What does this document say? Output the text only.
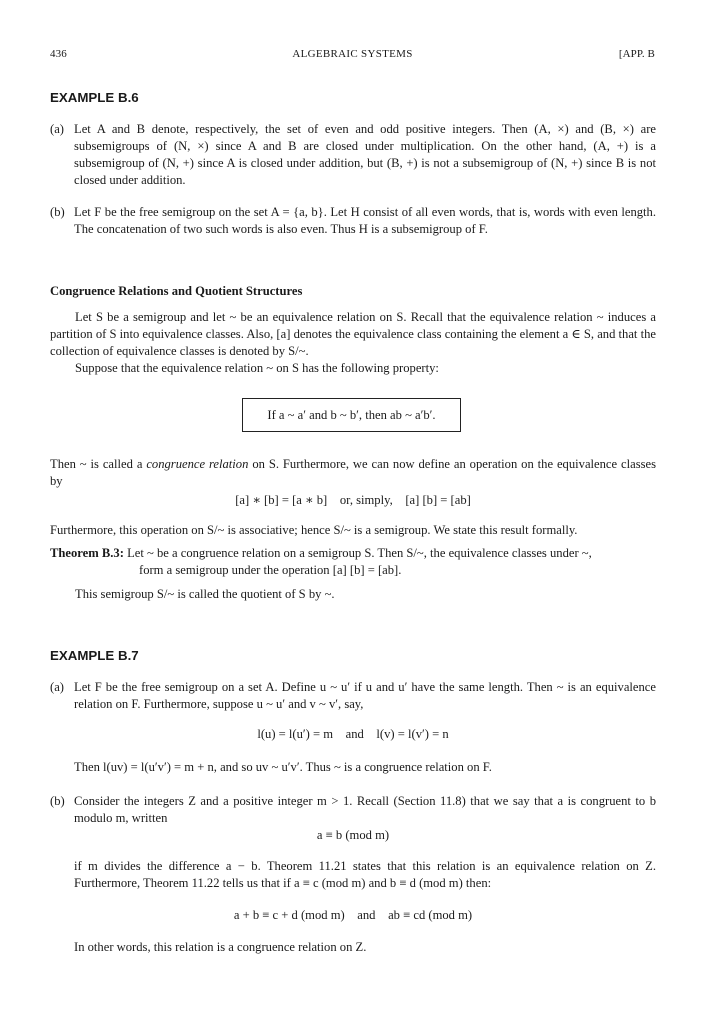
436	ALGEBRAIC SYSTEMS	[APP. B
EXAMPLE B.6
(a) Let A and B denote, respectively, the set of even and odd positive integers. Then (A, ×) and (B, ×) are subsemigroups of (N, ×) since A and B are closed under multiplication. On the other hand, (A, +) is a subsemigroup of (N, +) since A is closed under addition, but (B, +) is not a subsemigroup of (N, +) since B is not closed under addition.
(b) Let F be the free semigroup on the set A = {a, b}. Let H consist of all even words, that is, words with even length. The concatenation of two such words is also even. Thus H is a subsemigroup of F.
Congruence Relations and Quotient Structures
Let S be a semigroup and let ~ be an equivalence relation on S. Recall that the equivalence relation ~ induces a partition of S into equivalence classes. Also, [a] denotes the equivalence class containing the element a ∈ S, and that the collection of equivalence classes is denoted by S/~.
Suppose that the equivalence relation ~ on S has the following property:
If a ~ a′ and b ~ b′, then ab ~ a′b′.
Then ~ is called a congruence relation on S. Furthermore, we can now define an operation on the equivalence classes by
[a] ∗ [b] = [a ∗ b]    or, simply,    [a] [b] = [ab]
Furthermore, this operation on S/~ is associative; hence S/~ is a semigroup. We state this result formally.
Theorem B.3: Let ~ be a congruence relation on a semigroup S. Then S/~, the equivalence classes under ~,
form a semigroup under the operation [a] [b] = [ab].
This semigroup S/~ is called the quotient of S by ~.
EXAMPLE B.7
(a) Let F be the free semigroup on a set A. Define u ~ u′ if u and u′ have the same length. Then ~ is an equivalence relation on F. Furthermore, suppose u ~ u′ and v ~ v′, say,
l(u) = l(u′) = m    and    l(v) = l(v′) = n
Then l(uv) = l(u′v′) = m + n, and so uv ~ u′v′. Thus ~ is a congruence relation on F.
(b) Consider the integers Z and a positive integer m > 1. Recall (Section 11.8) that we say that a is congruent to b modulo m, written
a ≡ b (mod m)
if m divides the difference a − b. Theorem 11.21 states that this relation is an equivalence relation on Z. Furthermore, Theorem 11.22 tells us that if a ≡ c (mod m) and b ≡ d (mod m) then:
a + b ≡ c + d (mod m)    and    ab ≡ cd (mod m)
In other words, this relation is a congruence relation on Z.
